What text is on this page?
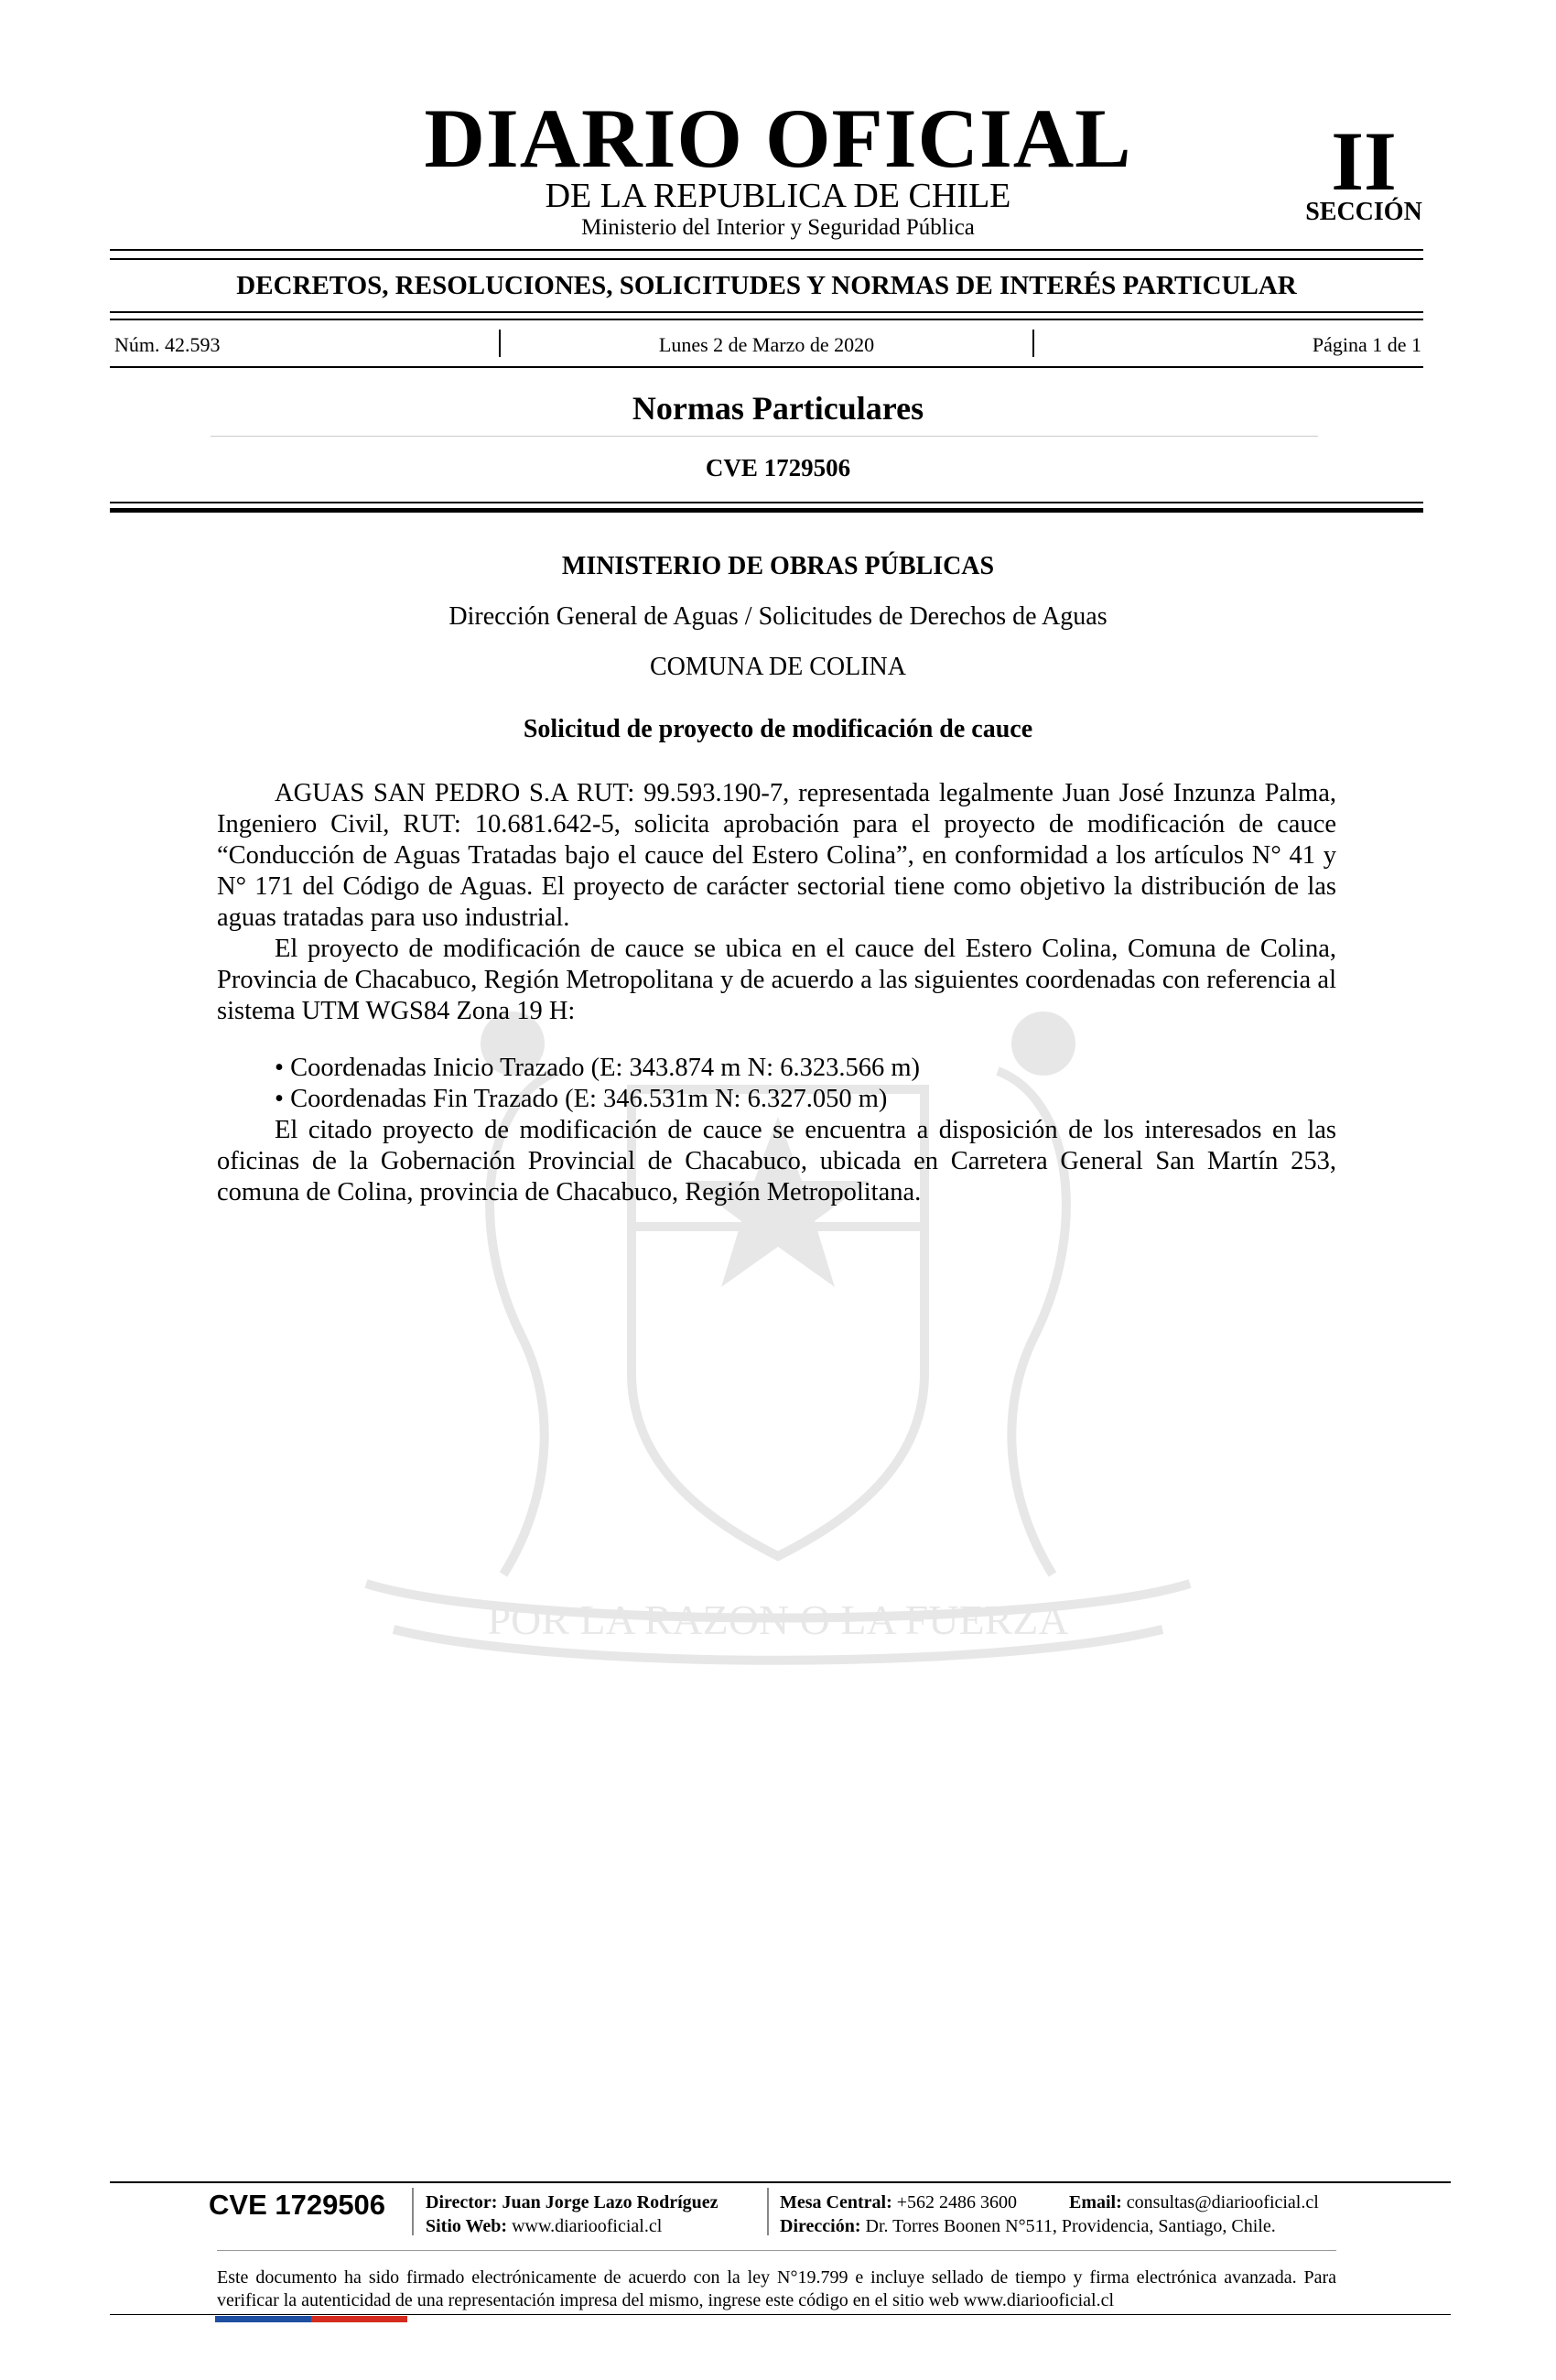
POR LA RAZON O LA FUERZA
DIARIO OFICIAL
DE LA REPUBLICA DE CHILE
Ministerio del Interior y Seguridad Pública
II
SECCIÓN
DECRETOS, RESOLUCIONES, SOLICITUDES Y NORMAS DE INTERÉS PARTICULAR
Núm. 42.593	Lunes 2 de Marzo de 2020	Página 1 de 1
Normas Particulares
CVE 1729506
MINISTERIO DE OBRAS PÚBLICAS
Dirección General de Aguas / Solicitudes de Derechos de Aguas
COMUNA DE COLINA
Solicitud de proyecto de modificación de cauce

AGUAS SAN PEDRO S.A RUT: 99.593.190-7, representada legalmente Juan José Inzunza Palma, Ingeniero Civil, RUT: 10.681.642-5, solicita aprobación para el proyecto de modificación de cauce “Conducción de Aguas Tratadas bajo el cauce del Estero Colina”, en conformidad a los artículos N° 41 y N° 171 del Código de Aguas. El proyecto de carácter sectorial tiene como objetivo la distribución de las aguas tratadas para uso industrial.

El proyecto de modificación de cauce se ubica en el cauce del Estero Colina, Comuna de Colina, Provincia de Chacabuco, Región Metropolitana y de acuerdo a las siguientes coordenadas con referencia al sistema UTM WGS84 Zona 19 H:

• Coordenadas Inicio Trazado (E: 343.874 m N: 6.323.566 m)

• Coordenadas Fin Trazado (E: 346.531m N: 6.327.050 m)

El citado proyecto de modificación de cauce se encuentra a disposición de los interesados en las oficinas de la Gobernación Provincial de Chacabuco, ubicada en Carretera General San Martín 253, comuna de Colina, provincia de Chacabuco, Región Metropolitana.

CVE 1729506 Director: Juan Jorge Lazo Rodríguez
Sitio Web: www.diariooficial.cl
Mesa Central: +562 2486 3600	Email: consultas@diariooficial.cl
Dirección: Dr. Torres Boonen N°511, Providencia, Santiago, Chile.
Este documento ha sido firmado electrónicamente de acuerdo con la ley N°19.799 e incluye sellado de tiempo y firma electrónica avanzada. Para verificar la autenticidad de una representación impresa del mismo, ingrese este código en el sitio web www.diariooficial.cl
